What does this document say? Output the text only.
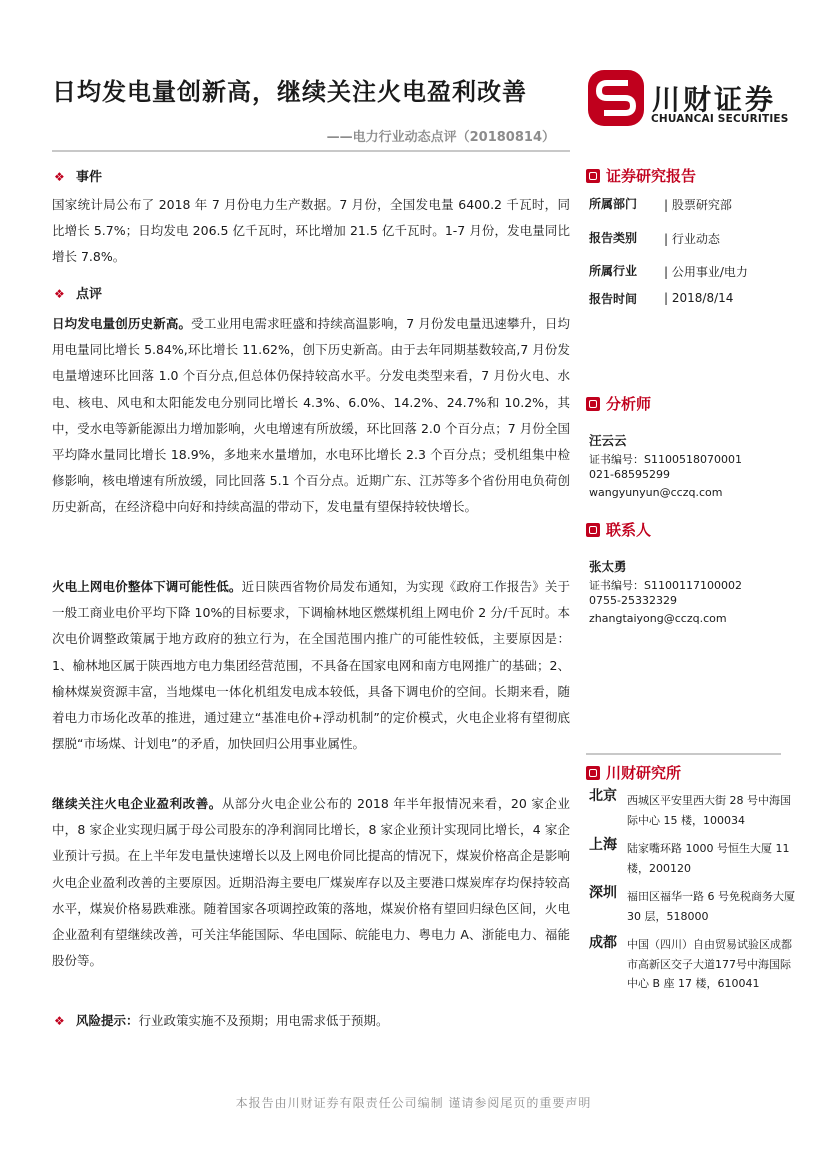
日均发电量创新高，继续关注火电盈利改善
——电力行业动态点评（20180814）
川财证券
CHUANCAI SECURITIES
❖ 事件
国家统计局公布了 2018 年 7 月份电力生产数据。7 月份，全国发电量 6400.2 千瓦时，同比增长 5.7%；日均发电 206.5 亿千瓦时，环比增加 21.5 亿千瓦时。1-7 月份，发电量同比增长 7.8%。
❖ 点评
日均发电量创历史新高。受工业用电需求旺盛和持续高温影响，7 月份发电量迅速攀升，日均用电量同比增长 5.84%,环比增长 11.62%，创下历史新高。由于去年同期基数较高,7 月份发电量增速环比回落 1.0 个百分点,但总体仍保持较高水平。分发电类型来看，7 月份火电、水电、核电、风电和太阳能发电分别同比增长 4.3%、6.0%、14.2%、24.7%和 10.2%，其中，受水电等新能源出力增加影响，火电增速有所放缓，环比回落 2.0 个百分点；7 月份全国平均降水量同比增长 18.9%，多地来水量增加，水电环比增长 2.3 个百分点；受机组集中检修影响，核电增速有所放缓，同比回落 5.1 个百分点。近期广东、江苏等多个省份用电负荷创历史新高，在经济稳中向好和持续高温的带动下，发电量有望保持较快增长。
火电上网电价整体下调可能性低。近日陕西省物价局发布通知，为实现《政府工作报告》关于一般工商业电价平均下降 10%的目标要求，下调榆林地区燃煤机组上网电价 2 分/千瓦时。本次电价调整政策属于地方政府的独立行为，在全国范围内推广的可能性较低，主要原因是：1、榆林地区属于陕西地方电力集团经营范围，不具备在国家电网和南方电网推广的基础；2、榆林煤炭资源丰富，当地煤电一体化机组发电成本较低，具备下调电价的空间。长期来看，随着电力市场化改革的推进，通过建立“基准电价+浮动机制”的定价模式，火电企业将有望彻底摆脱“市场煤、计划电”的矛盾，加快回归公用事业属性。
继续关注火电企业盈利改善。从部分火电企业公布的 2018 年半年报情况来看，20 家企业中，8 家企业实现归属于母公司股东的净利润同比增长，8 家企业预计实现同比增长，4 家企业预计亏损。在上半年发电量快速增长以及上网电价同比提高的情况下，煤炭价格高企是影响火电企业盈利改善的主要原因。近期沿海主要电厂煤炭库存以及主要港口煤炭库存均保持较高水平，煤炭价格易跌难涨。随着国家各项调控政策的落地，煤炭价格有望回归绿色区间，火电企业盈利有望继续改善，可关注华能国际、华电国际、皖能电力、粤电力 A、浙能电力、福能股份等。
❖ 风险提示：行业政策实施不及预期；用电需求低于预期。
证券研究报告
所属部门 | 股票研究部
报告类别 | 行业动态
所属行业 | 公用事业/电力
报告时间 | 2018/8/14
分析师
汪云云
证书编号：S1100518070001
021-68595299
wangyunyun@cczq.com
联系人
张太勇
证书编号：S1100117100002
0755-25332329
zhangtaiyong@cczq.com
川财研究所
北京 西城区平安里西大街 28 号中海国际中心 15 楼，100034
上海 陆家嘴环路 1000 号恒生大厦 11 楼，200120
深圳 福田区福华一路 6 号免税商务大厦 30 层，518000
成都 中国（四川）自由贸易试验区成都市高新区交子大道177号中海国际中心 B 座 17 楼，610041
本报告由川财证券有限责任公司编制 谨请参阅尾页的重要声明
